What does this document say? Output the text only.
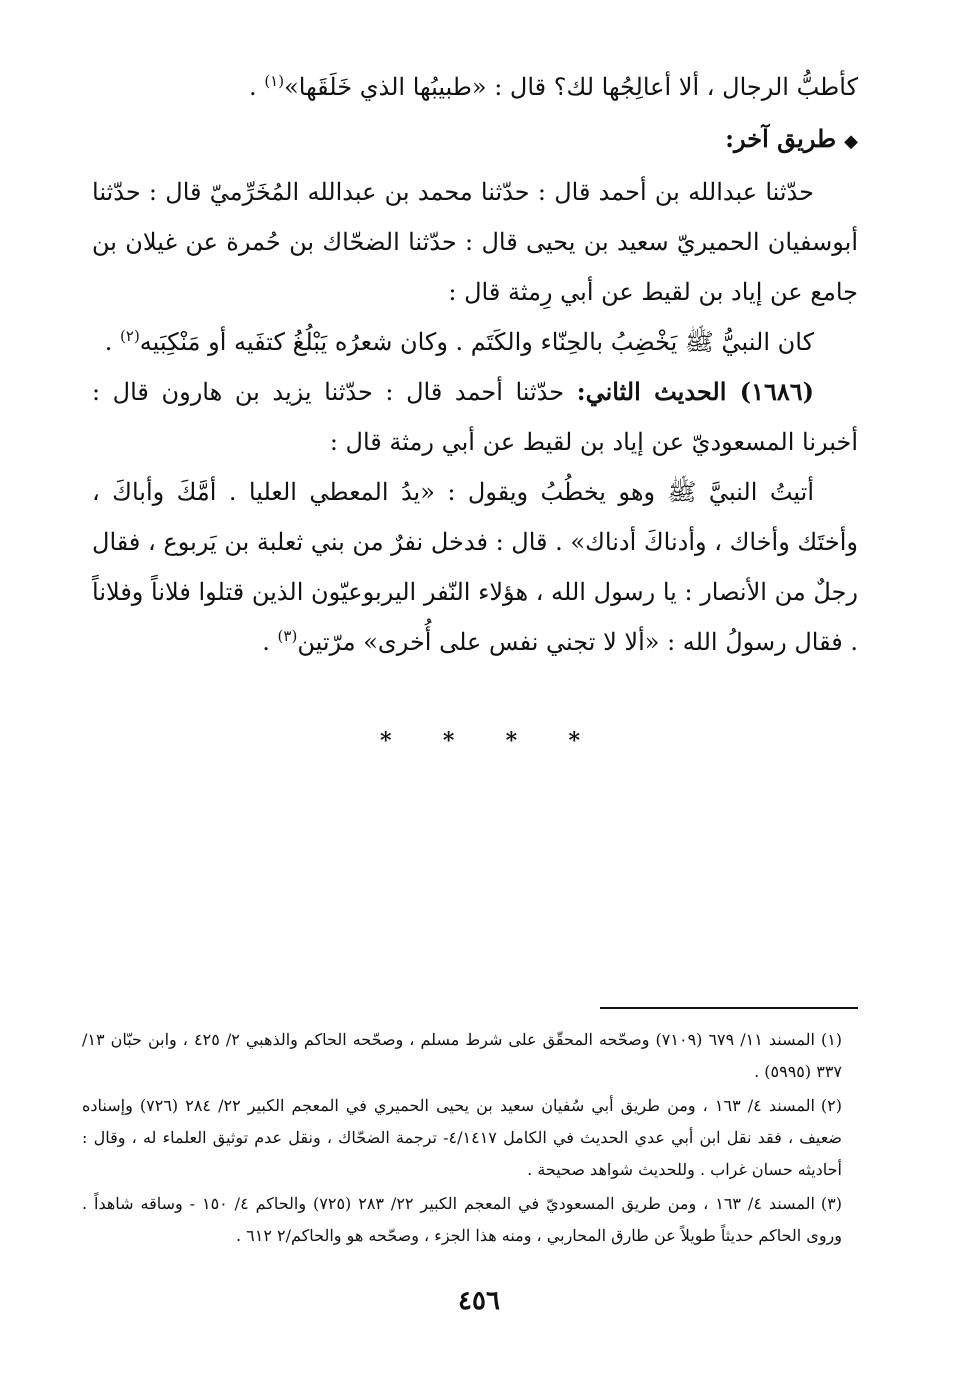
كأطبُّ الرجال ، ألا أعالِجُها لك؟ قال : «طبيبُها الذي خَلَقَها»$^{(١)}$ .

◆طريق آخر:

حدّثنا عبدالله بن أحمد قال : حدّثنا محمد بن عبدالله المُخَرِّميّ قال : حدّثنا أبوسفيان الحميريّ سعيد بن يحيى قال : حدّثنا الضحّاك بن حُمرة عن غيلان بن جامع عن إياد بن لقيط عن أبي رِمثة قال :

كان النبيُّ ﷺ يَخْضِبُ بالحِنّاء والكَتَم . وكان شعرُه يَبْلُغُ كتفَيه أو مَنْكِبَيه$^{(٢)}$ .

(١٦٨٦) الحديث الثاني: حدّثنا أحمد قال : حدّثنا يزيد بن هارون قال : أخبرنا المسعوديّ عن إياد بن لقيط عن أبي رمثة قال :

أتيتُ النبيَّ ﷺ وهو يخطُبُ ويقول : «يدُ المعطي العليا . أمَّكَ وأباكَ ، وأختَك وأخاك ، وأدناكَ أدناك» . قال : فدخل نفرٌ من بني ثعلبة بن يَربوع ، فقال رجلٌ من الأنصار : يا رسول الله ، هؤلاء النّفر اليربوعيّون الذين قتلوا فلاناً وفلاناً . فقال رسولُ الله : «ألا لا تجني نفس على أُخرى» مرّتين$^{(٣)}$ .

*
*
*
*

(١)المسند ١١/ ٦٧٩ (٧١٠٩) وصحّحه المحقّق على شرط مسلم ، وصحّحه الحاكم والذهبي ٢/ ٤٢٥ ، وابن حبّان ١٣/ ٣٣٧ (٥٩٩٥) .

(٢)المسند ٤/ ١٦٣ ، ومن طريق أبي سُفيان سعيد بن يحيى الحميري في المعجم الكبير ٢٢/ ٢٨٤ (٧٢٦) وإسناده ضعيف ، فقد نقل ابن أبي عدي الحديث في الكامل ٤/١٤١٧- ترجمة الضحّاك ، ونقل عدم توثيق العلماء له ، وقال : أحاديثه حسان غراب . وللحديث شواهد صحيحة .

(٣)المسند ٤/ ١٦٣ ، ومن طريق المسعوديّ في المعجم الكبير ٢٢/ ٢٨٣ (٧٢٥) والحاكم ٤/ ١٥٠ - وساقه شاهداً . وروى الحاكم حديثاً طويلاً عن طارق المحاربي ، ومنه هذا الجزء ، وصحّحه هو والحاكم/٢ ٦١٢ .

٤٥٦
